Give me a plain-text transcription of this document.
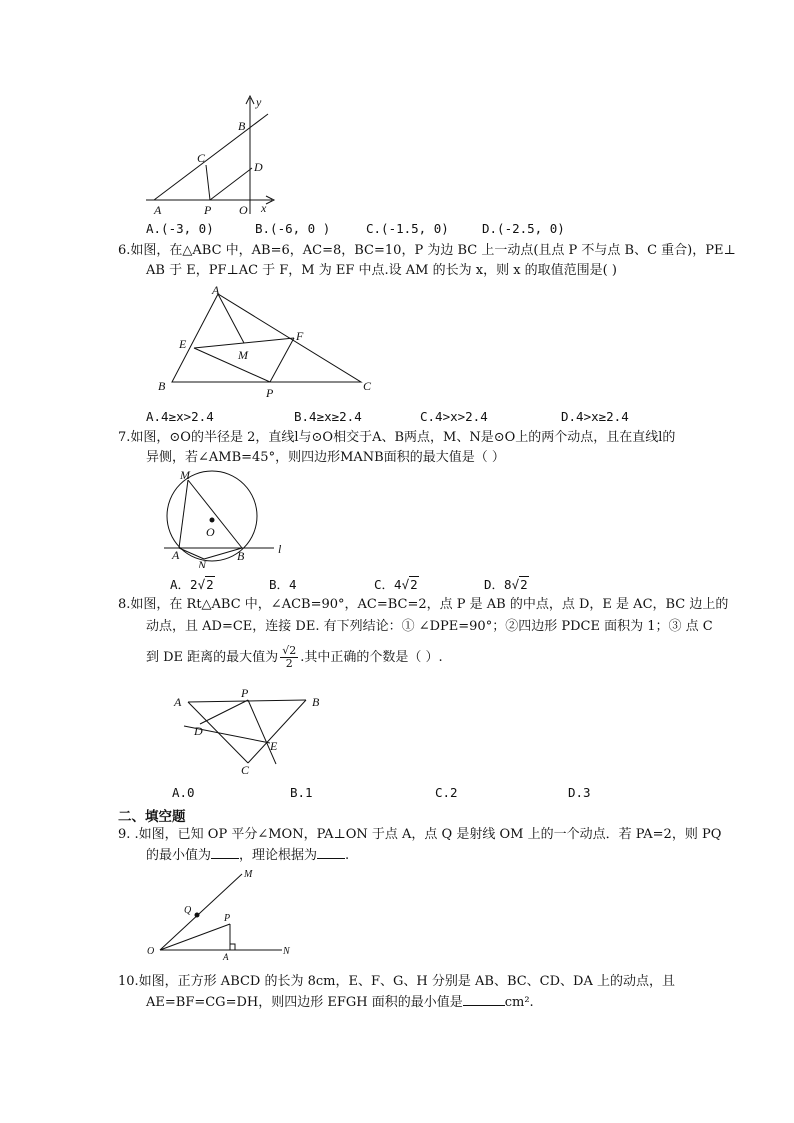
y
B
C
D
A	P O x
A.(-3, 0)	B.(-6, 0 )	C.(-1.5, 0)	D.(-2.5, 0)
6.如图，在△ABC 中，AB=6，AC=8，BC=10，P 为边 BC 上一动点(且点 P 不与点 B、C 重合)，PE⊥
AB 于 E，PF⊥AC 于 F，M 为 EF 中点.设 AM 的长为 x，则 x 的取值范围是( )
A
E
F
M
B	P	C
A.4≥x>2.4	B.4≥x≥2.4	C.4>x>2.4	D.4>x≥2.4
7.如图，⊙O的半径是 2，直线l与⊙O相交于A、B两点，M、N是⊙O上的两个动点，且在直线l的
异侧，若∠AMB=45°，则四边形MANB面积的最大值是（ ）
M
O
A
N
B	l
A．2√2	B．4	C．4√2	D．8√2
8.如图，在 Rt△ABC 中，∠ACB=90°，AC=BC=2，点 P 是 AB 的中点，点 D，E 是 AC，BC 边上的
动点，且 AD=CE，连接 DE. 有下列结论：① ∠DPE=90°；②四边形 PDCE 面积为 1；③ 点 C
到 DE 距离的最大值为 $\frac{√2}{2}$ .其中正确的个数是（ ）.
A
P
B
D
E
C
A.0	B.1	C.2	D.3
二、填空题
9. .如图，已知 OP 平分∠MON，PA⊥ON 于点 A，点 Q 是射线 OM 上的一个动点．若 PA=2，则 PQ
的最小值为 ，理论根据为 .
M
Q
P
O	A	N
10.如图，正方形 ABCD 的长为 8cm，E、F、G、H 分别是 AB、BC、CD、DA 上的动点，且
AE=BF=CG=DH，则四边形 EFGH 面积的最小值是	cm².
